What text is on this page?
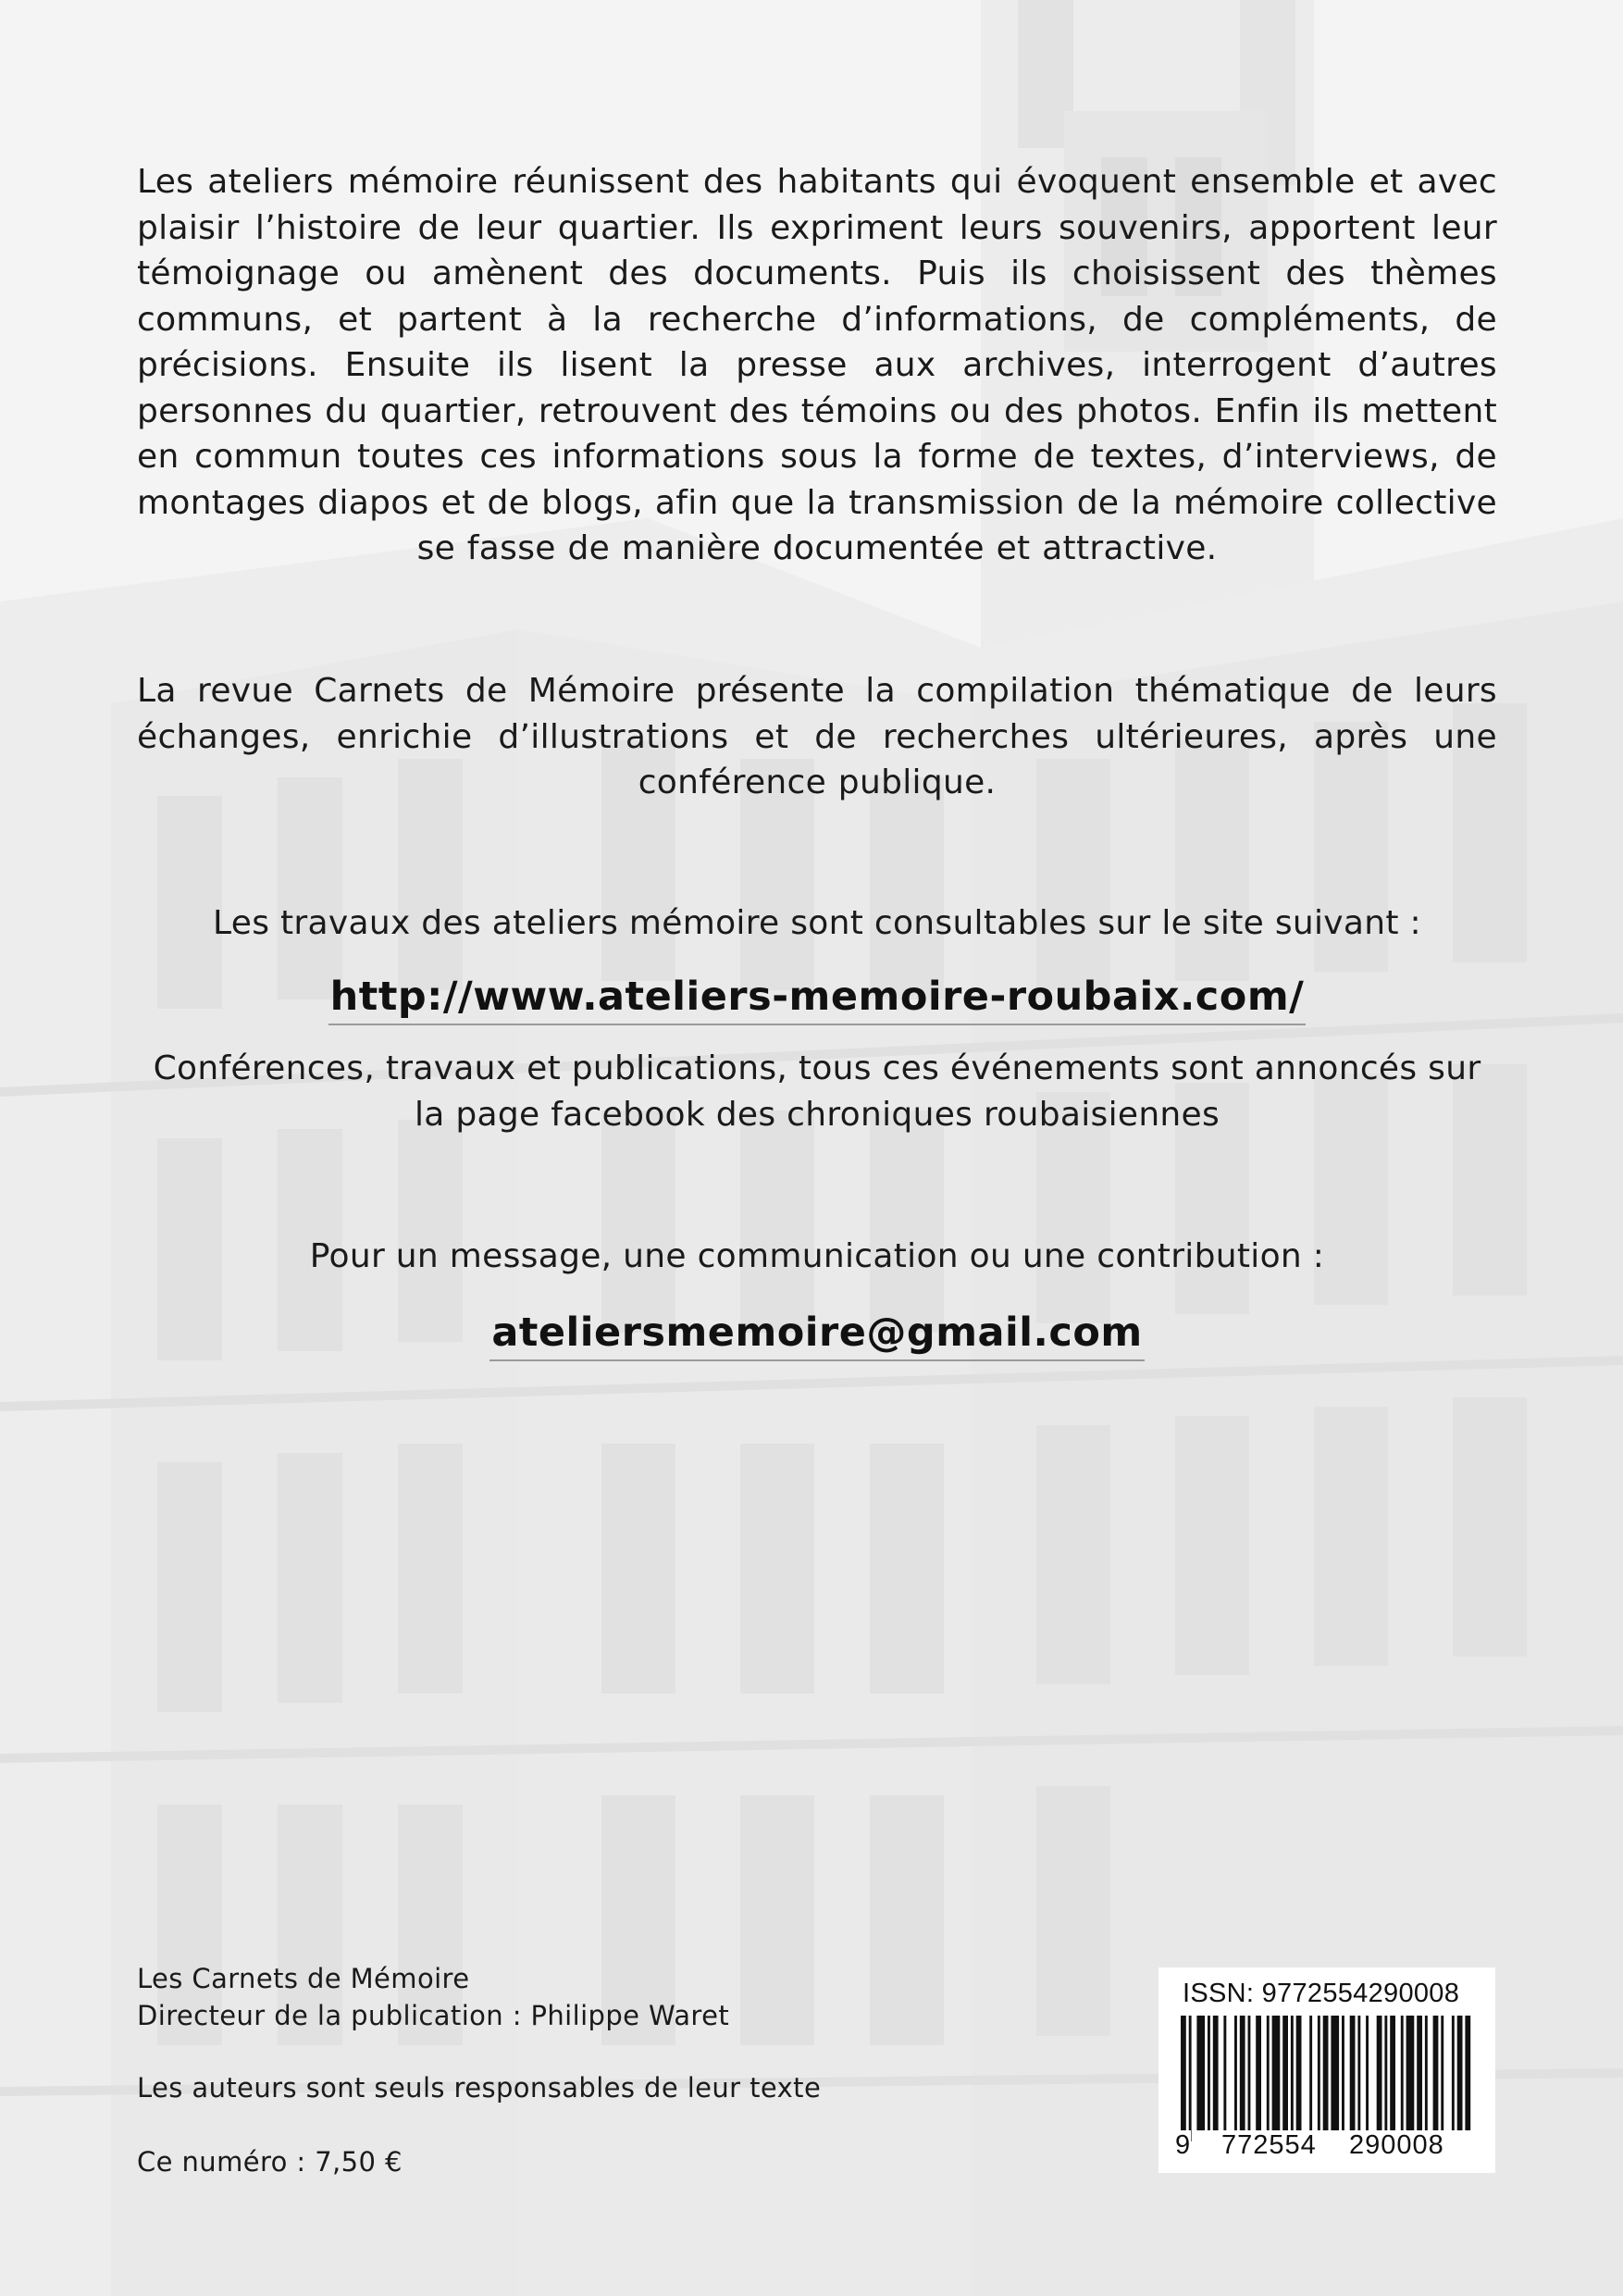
Les ateliers mémoire réunissent des habitants qui évoquent ensemble et avec plaisir l’histoire de leur quartier. Ils expriment leurs souvenirs, apportent leur témoignage ou amènent des documents. Puis ils choisissent des thèmes communs, et partent à la recherche d’informations, de compléments, de précisions. Ensuite ils lisent la presse aux archives, interrogent d’autres personnes du quartier, retrouvent des témoins ou des photos. Enfin ils mettent en commun toutes ces informations sous la forme de textes, d’interviews, de montages diapos et de blogs, afin que la transmission de la mémoire collective se fasse de manière documentée et attractive.
La revue Carnets de Mémoire présente la compilation thématique de leurs échanges, enrichie d’illustrations et de recherches ultérieures, après une conférence publique.
Les travaux des ateliers mémoire sont consultables sur le site suivant :
http://www.ateliers-memoire-roubaix.com/
Conférences, travaux et publications, tous ces événements sont annoncés sur la page facebook des chroniques roubaisiennes
Pour un message, une communication ou une contribution :
ateliersmemoire@gmail.com
Les Carnets de Mémoire
Directeur de la publication : Philippe Waret
Les auteurs sont seuls responsables de leur texte
Ce numéro : 7,50 €
ISSN: 9772554290008
9 772554 290008
